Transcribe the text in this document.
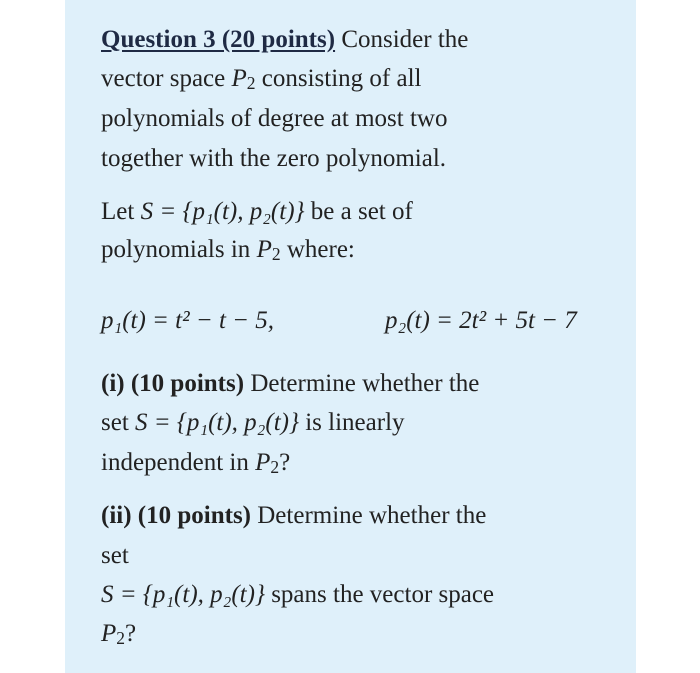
Question 3 (20 points) Consider the
vector space $P_2$ consisting of all
polynomials of degree at most two
together with the zero polynomial.
Let S = {p₁(t), p₂(t)} be a set of
polynomials in $P_2$ where:
p₁(t) = t² − t − 5,	p₂(t) = 2t² + 5t − 7
(i) (10 points) Determine whether the
set S = {p₁(t), p₂(t)} is linearly
independent in $P_2$?
(ii) (10 points) Determine whether the
set
S = {p₁(t), p₂(t)} spans the vector space
$P_2$?
